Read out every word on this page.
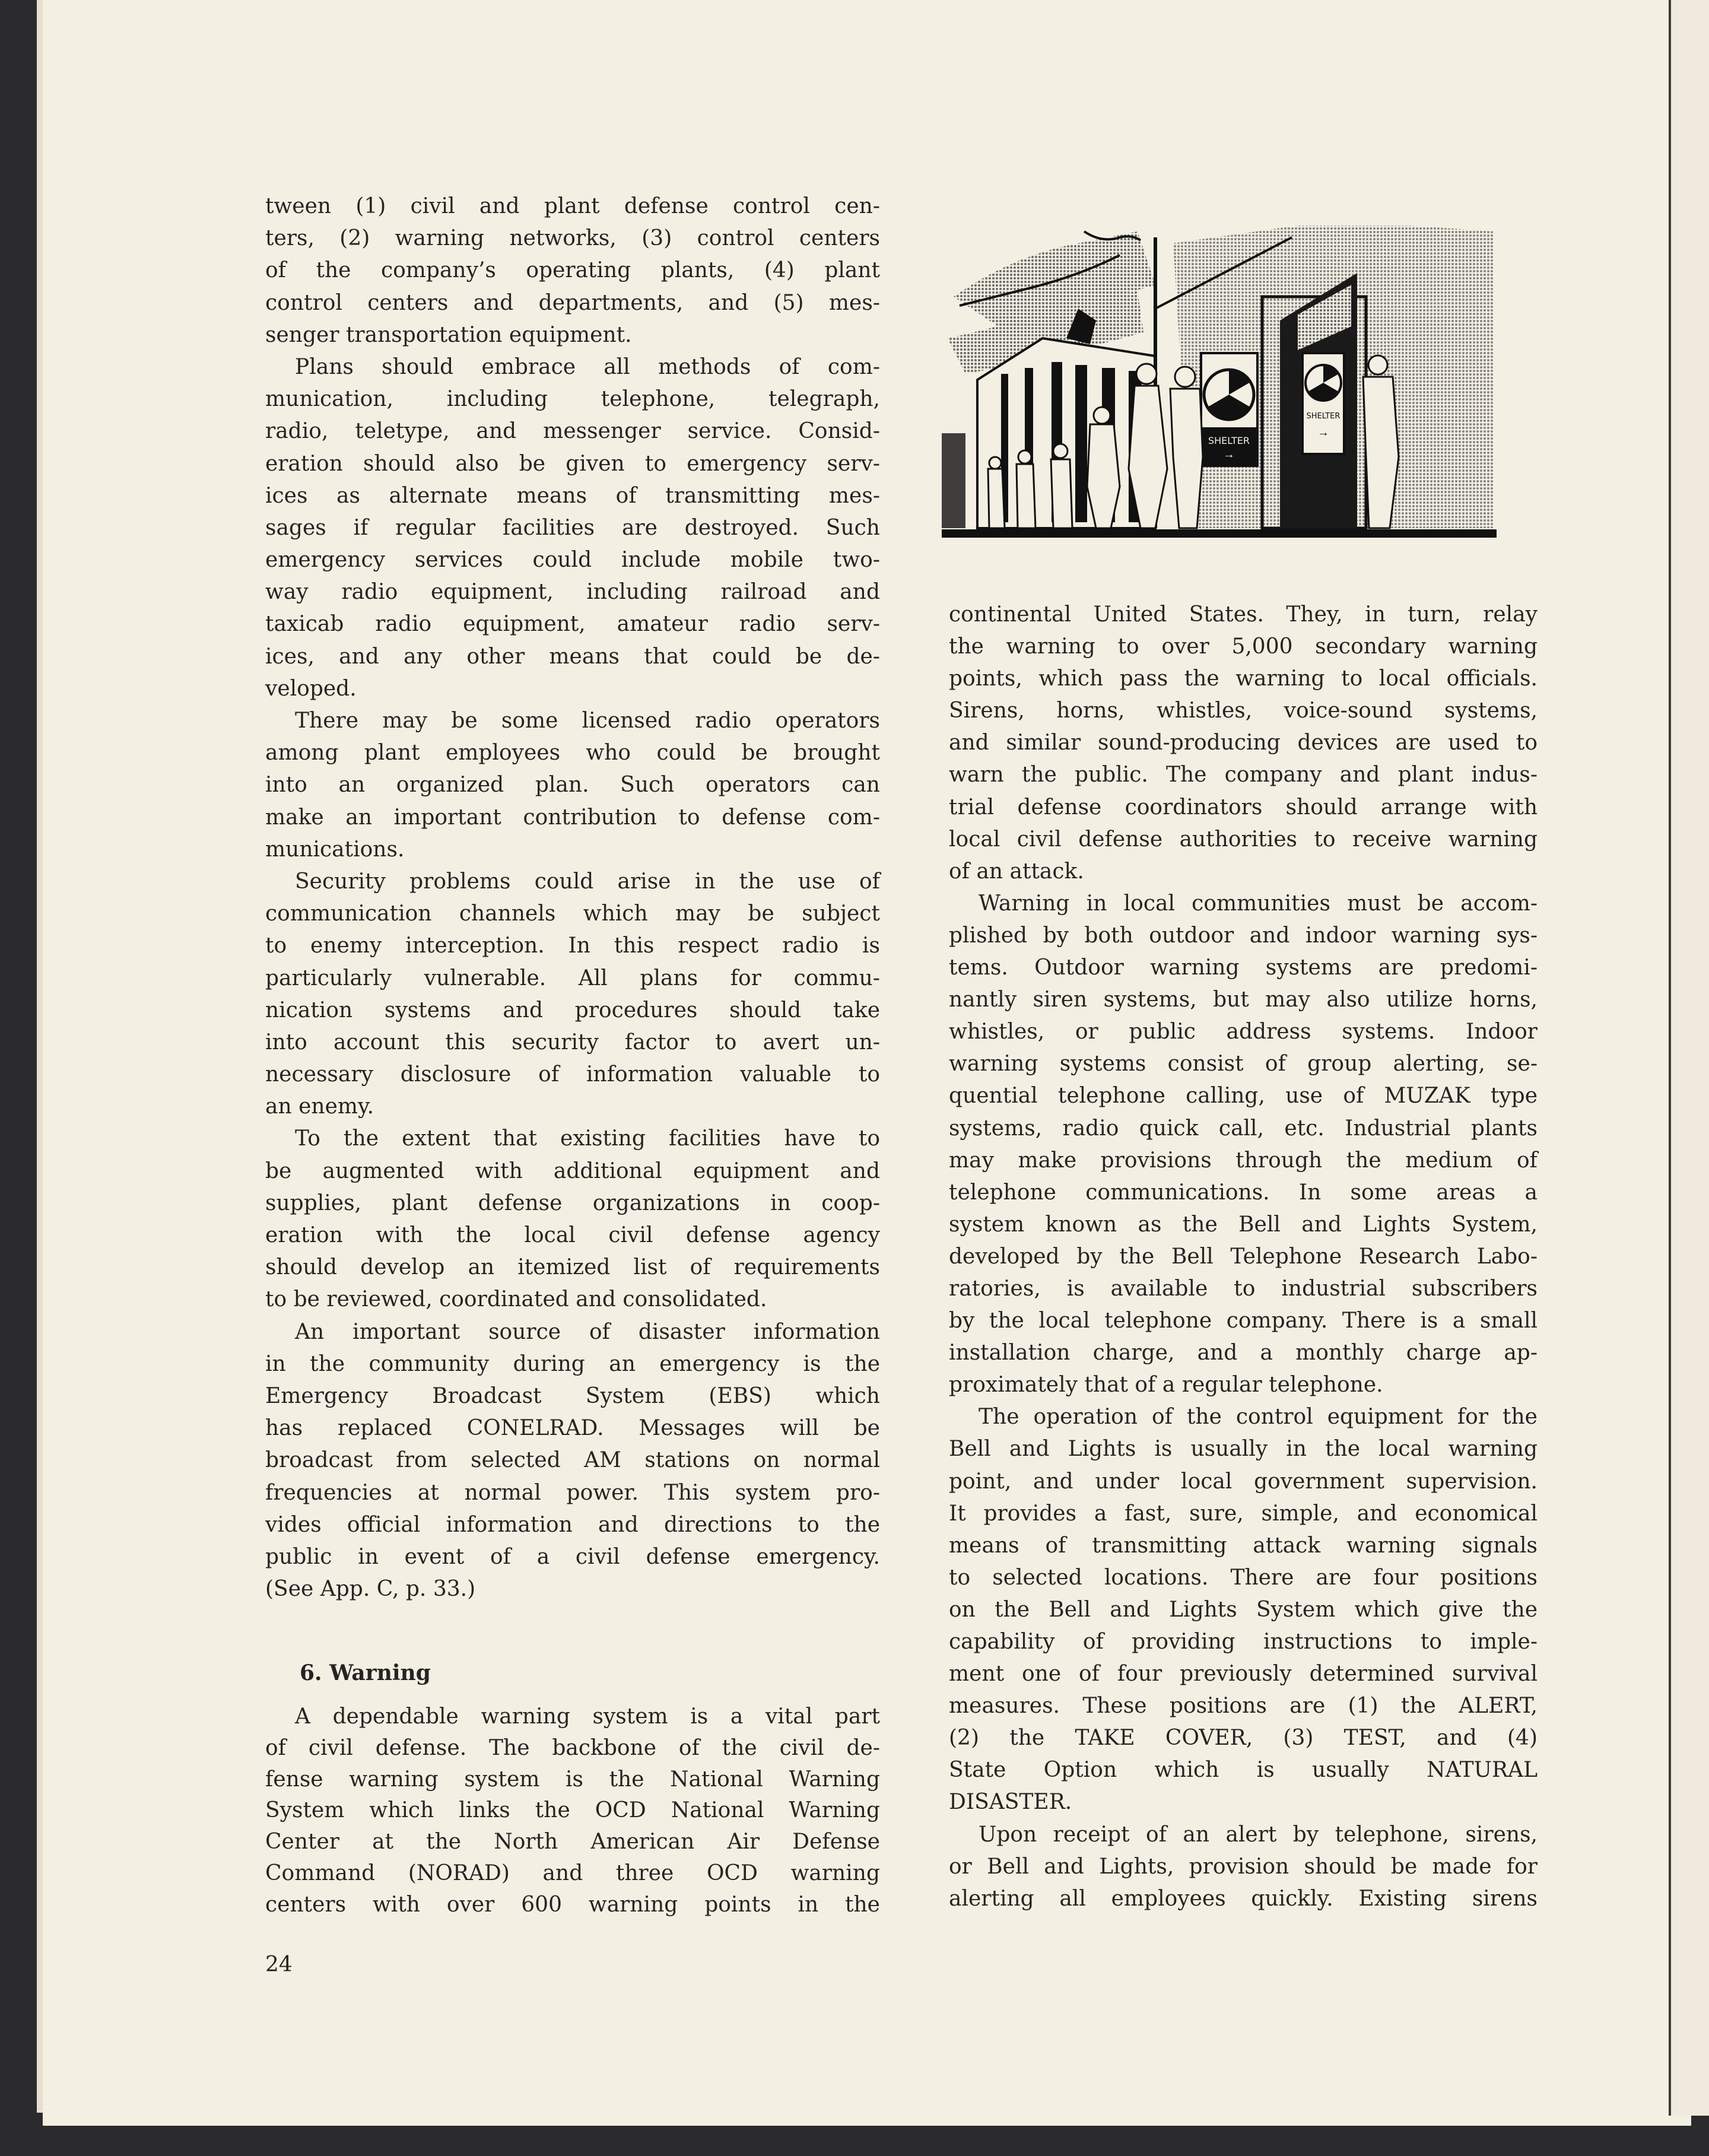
tween (1) civil and plant defense control cen-
ters, (2) warning networks, (3) control centers
of the company’s operating plants, (4) plant
control centers and departments, and (5) mes-
senger transportation equipment.
Plans should embrace all methods of com-
munication, including telephone, telegraph,
radio, teletype, and messenger service. Consid-
eration should also be given to emergency serv-
ices as alternate means of transmitting mes-
sages if regular facilities are destroyed. Such
emergency services could include mobile two-
way radio equipment, including railroad and
taxicab radio equipment, amateur radio serv-
ices, and any other means that could be de-
veloped.
There may be some licensed radio operators
among plant employees who could be brought
into an organized plan. Such operators can
make an important contribution to defense com-
munications.
Security problems could arise in the use of
communication channels which may be subject
to enemy interception. In this respect radio is
particularly vulnerable. All plans for commu-
nication systems and procedures should take
into account this security factor to avert un-
necessary disclosure of information valuable to
an enemy.
To the extent that existing facilities have to
be augmented with additional equipment and
supplies, plant defense organizations in coop-
eration with the local civil defense agency
should develop an itemized list of requirements
to be reviewed, coordinated and consolidated.
An important source of disaster information
in the community during an emergency is the
Emergency Broadcast System (EBS) which
has replaced CONELRAD. Messages will be
broadcast from selected AM stations on normal
frequencies at normal power. This system pro-
vides official information and directions to the
public in event of a civil defense emergency.
(See App. C, p. 33.)
6. Warning
A dependable warning system is a vital part
of civil defense. The backbone of the civil de-
fense warning system is the National Warning
System which links the OCD National Warning
Center at the North American Air Defense
Command (NORAD) and three OCD warning
centers with over 600 warning points in the
continental United States. They, in turn, relay
the warning to over 5,000 secondary warning
points, which pass the warning to local officials.
Sirens, horns, whistles, voice-sound systems,
and similar sound-producing devices are used to
warn the public. The company and plant indus-
trial defense coordinators should arrange with
local civil defense authorities to receive warning
of an attack.
Warning in local communities must be accom-
plished by both outdoor and indoor warning sys-
tems. Outdoor warning systems are predomi-
nantly siren systems, but may also utilize horns,
whistles, or public address systems. Indoor
warning systems consist of group alerting, se-
quential telephone calling, use of MUZAK type
systems, radio quick call, etc. Industrial plants
may make provisions through the medium of
telephone communications. In some areas a
system known as the Bell and Lights System,
developed by the Bell Telephone Research Labo-
ratories, is available to industrial subscribers
by the local telephone company. There is a small
installation charge, and a monthly charge ap-
proximately that of a regular telephone.
The operation of the control equipment for the
Bell and Lights is usually in the local warning
point, and under local government supervision.
It provides a fast, sure, simple, and economical
means of transmitting attack warning signals
to selected locations. There are four positions
on the Bell and Lights System which give the
capability of providing instructions to imple-
ment one of four previously determined survival
measures. These positions are (1) the ALERT,
(2) the TAKE COVER, (3) TEST, and (4)
State Option which is usually NATURAL
DISASTER.
Upon receipt of an alert by telephone, sirens,
or Bell and Lights, provision should be made for
alerting all employees quickly. Existing sirens
24
SHELTER
→
SHELTER
→
